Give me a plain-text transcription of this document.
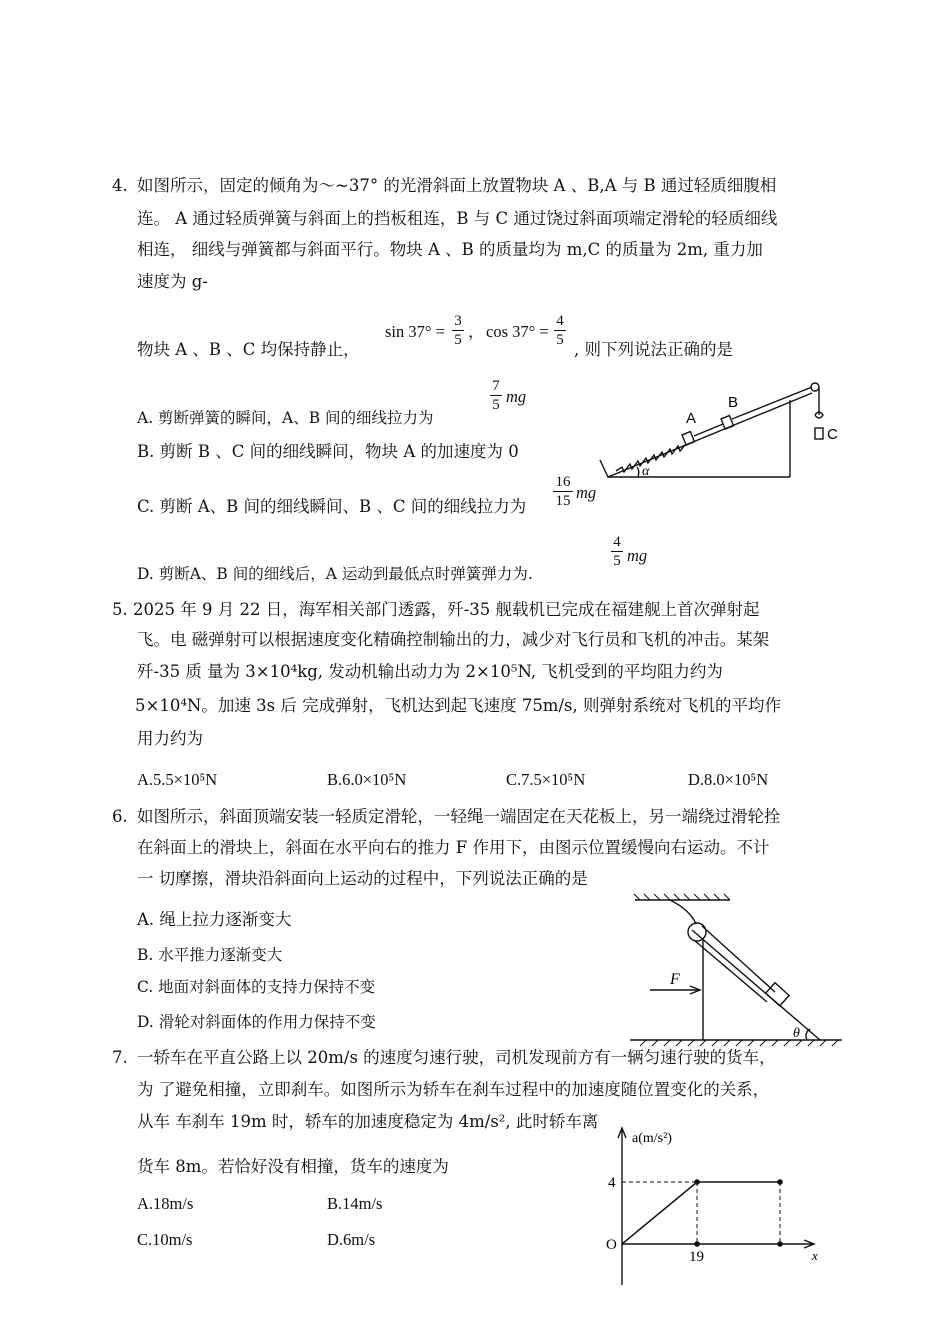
4. 如图所示，固定的倾角为～~37° 的光滑斜面上放置物块 A 、B,A 与 B 通过轻质细腹相
连。 A 通过轻质弹簧与斜面上的挡板租连，B 与 C 通过饶过斜面项端定滑轮的轻质细线
相连， 细线与弹簧都与斜面平行。物块 A 、B 的质量均为 m,C 的质量为 2m, 重力加
速度为 g-
物块 A 、B 、C 均保持静止，
sin 37° =
3
5 ， cos 37° =
4
5 , 则下列说法正确的是
A. 剪断弹簧的瞬间，A、B 间的细线拉力为
7
5 mg
B. 剪断 B 、C 间的细线瞬间，物块 A 的加速度为 0
C. 剪断 A、B 间的细线瞬间、B 、C 间的细线拉力为
16
15 mg
D. 剪断A、B 间的细线后，A 运动到最低点时弹簧弹力为.
4
5 mg
A
B
C
α
5. 2025 年 9 月 22 日，海军相关部门透露，歼-35 舰载机已完成在福建舰上首次弹射起
飞。电 磁弹射可以根据速度变化精确控制输出的力，减少对飞行员和飞机的冲击。某架
歼-35 质 量为 3×10⁴kg, 发动机输出动力为 2×10⁵N, 飞机受到的平均阻力约为
5×10⁴N。加速 3s 后 完成弹射，飞机达到起飞速度 75m/s, 则弹射系统对飞机的平均作
用力约为
A.5.5×10⁵N	B.6.0×10⁵N	C.7.5×10⁵N	D.8.0×10⁵N
6. 如图所示，斜面顶端安装一轻质定滑轮，一轻绳一端固定在天花板上，另一端绕过滑轮拴
在斜面上的滑块上，斜面在水平向右的推力 F 作用下，由图示位置缓慢向右运动。不计
一 切摩擦，滑块沿斜面向上运动的过程中，下列说法正确的是
A. 绳上拉力逐渐变大
B. 水平推力逐渐变大
C. 地面对斜面体的支持力保持不变
D. 滑轮对斜面体的作用力保持不变
F
θ
7. 一轿车在平直公路上以 20m/s 的速度匀速行驶，司机发现前方有一辆匀速行驶的货车，
为 了避免相撞，立即刹车。如图所示为轿车在刹车过程中的加速度随位置变化的关系，
从车 车刹车 19m 时，轿车的加速度稳定为 4m/s², 此时轿车离
货车 8m。若恰好没有相撞，货车的速度为
A.18m/s	B.14m/s
C.10m/s	D.6m/s
a(m/s²)
x
O
4
19
